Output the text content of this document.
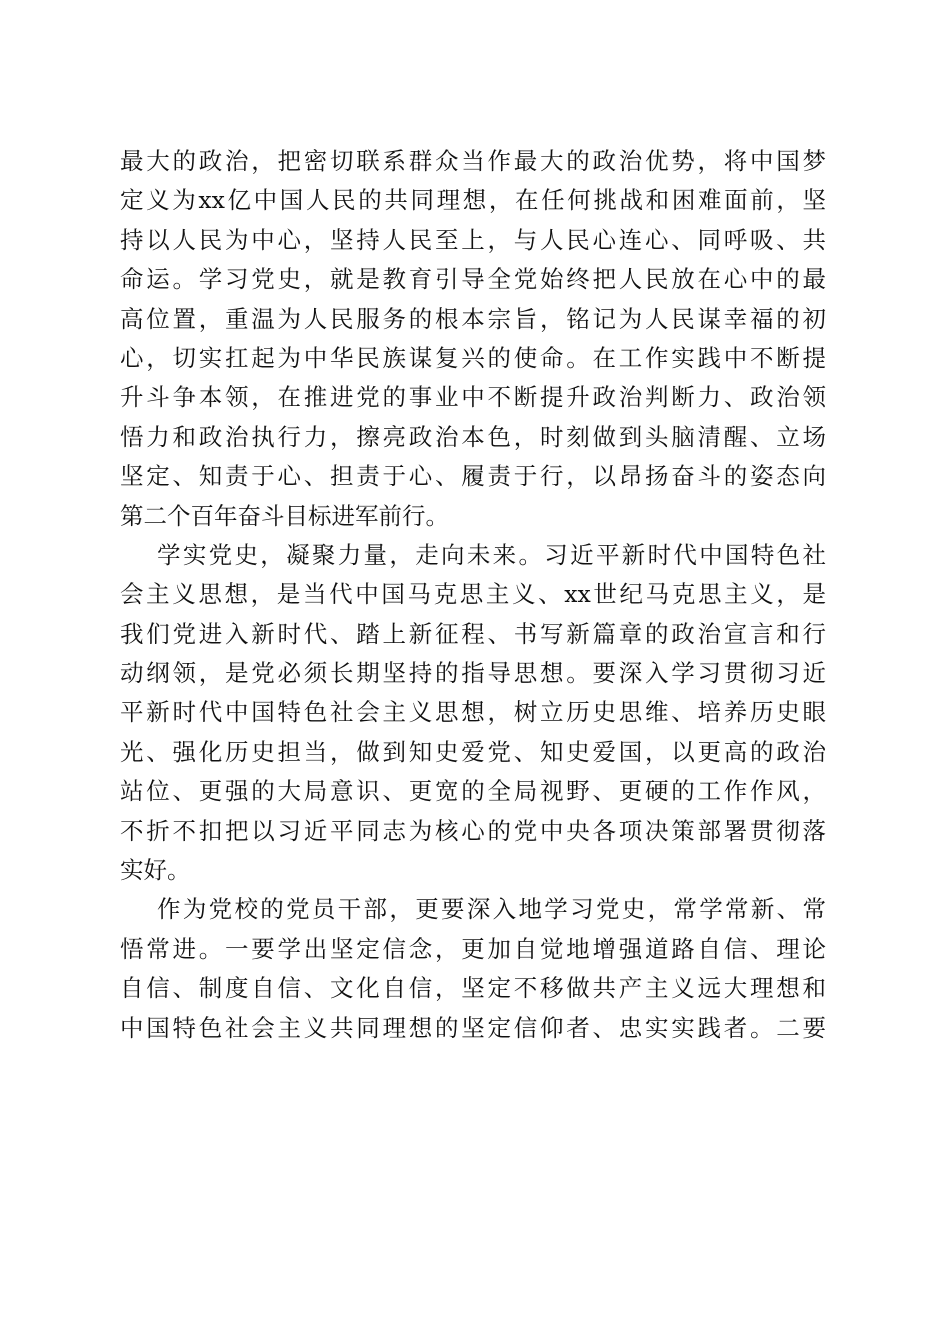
最大的政治，把密切联系群众当作最大的政治优势，将中国梦
定义为xx亿中国人民的共同理想，在任何挑战和困难面前，坚
持以人民为中心，坚持人民至上，与人民心连心、同呼吸、共
命运。学习党史，就是教育引导全党始终把人民放在心中的最
高位置，重温为人民服务的根本宗旨，铭记为人民谋幸福的初
心，切实扛起为中华民族谋复兴的使命。在工作实践中不断提
升斗争本领，在推进党的事业中不断提升政治判断力、政治领
悟力和政治执行力，擦亮政治本色，时刻做到头脑清醒、立场
坚定、知责于心、担责于心、履责于行，以昂扬奋斗的姿态向
第二个百年奋斗目标进军前行。
学实党史，凝聚力量，走向未来。习近平新时代中国特色社
会主义思想，是当代中国马克思主义、xx世纪马克思主义，是
我们党进入新时代、踏上新征程、书写新篇章的政治宣言和行
动纲领，是党必须长期坚持的指导思想。要深入学习贯彻习近
平新时代中国特色社会主义思想，树立历史思维、培养历史眼
光、强化历史担当，做到知史爱党、知史爱国，以更高的政治
站位、更强的大局意识、更宽的全局视野、更硬的工作作风，
不折不扣把以习近平同志为核心的党中央各项决策部署贯彻落
实好。
作为党校的党员干部，更要深入地学习党史，常学常新、常
悟常进。一要学出坚定信念，更加自觉地增强道路自信、理论
自信、制度自信、文化自信，坚定不移做共产主义远大理想和
中国特色社会主义共同理想的坚定信仰者、忠实实践者。二要
